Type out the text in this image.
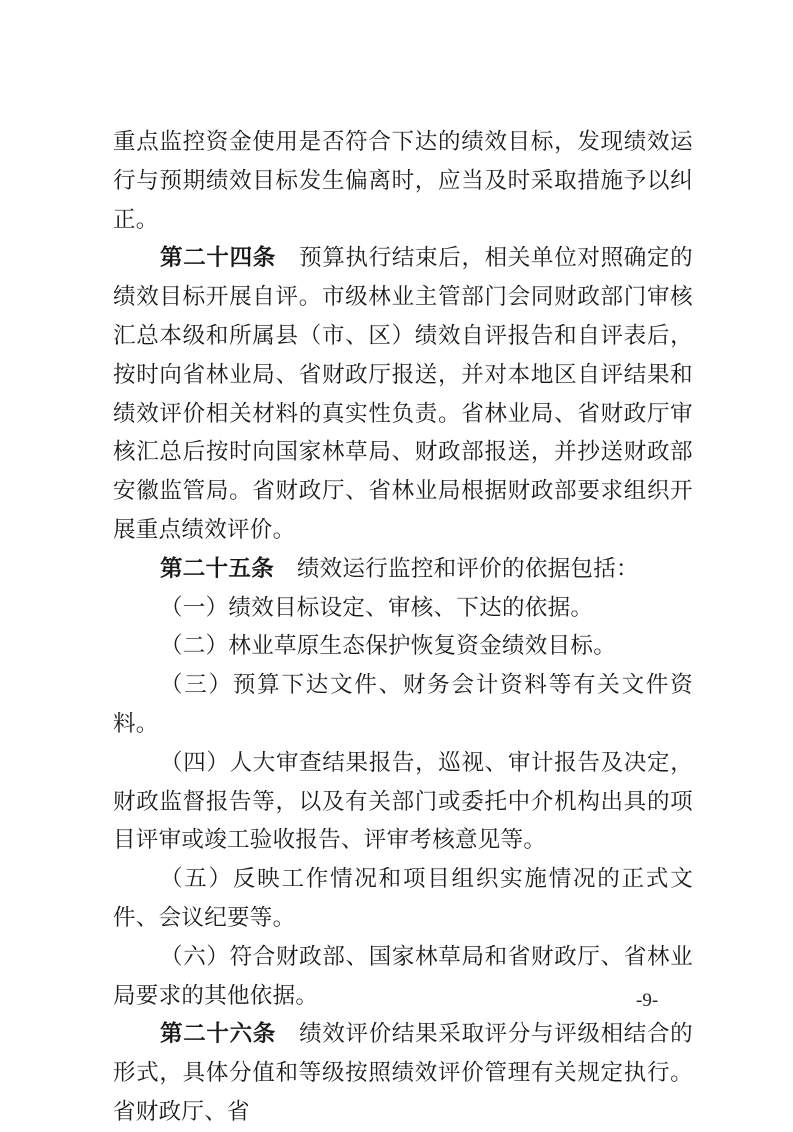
重点监控资金使用是否符合下达的绩效目标，发现绩效运行与预期绩效目标发生偏离时，应当及时采取措施予以纠正。

第二十四条　 预算执行结束后，相关单位对照确定的绩效目标开展自评。市级林业主管部门会同财政部门审核汇总本级和所属县（市、区）绩效自评报告和自评表后，按时向省林业局、省财政厅报送，并对本地区自评结果和绩效评价相关材料的真实性负责。省林业局、省财政厅审核汇总后按时向国家林草局、财政部报送，并抄送财政部安徽监管局。省财政厅、省林业局根据财政部要求组织开展重点绩效评价。

第二十五条　 绩效运行监控和评价的依据包括：

（一）绩效目标设定、审核、下达的依据。

（二）林业草原生态保护恢复资金绩效目标。

（三）预算下达文件、财务会计资料等有关文件资料。

（四）人大审查结果报告，巡视、审计报告及决定，财政监督报告等，以及有关部门或委托中介机构出具的项目评审或竣工验收报告、评审考核意见等。

（五）反映工作情况和项目组织实施情况的正式文件、会议纪要等。

（六）符合财政部、国家林草局和省财政厅、省林业局要求的其他依据。

第二十六条　 绩效评价结果采取评分与评级相结合的形式，具体分值和等级按照绩效评价管理有关规定执行。省财政厅、省

-9-
